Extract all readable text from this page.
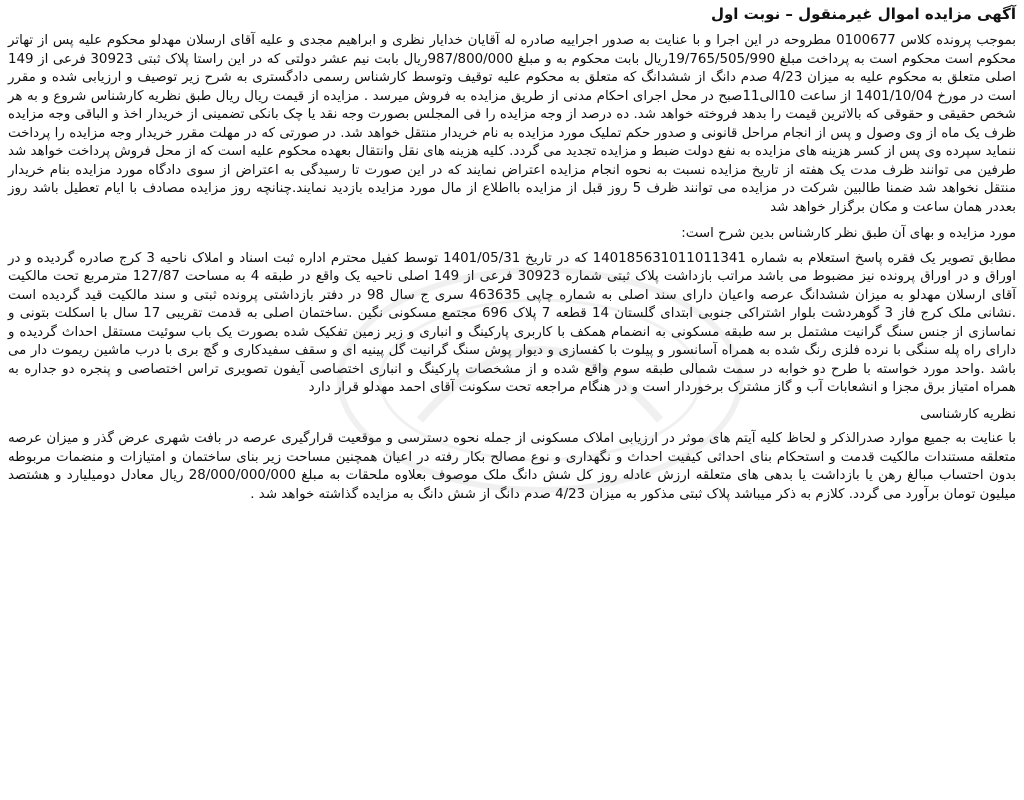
آگهی مزایده اموال غیرمنقول – نوبت اول

بموجب پرونده کلاس 0100677 مطروحه در این اجرا و با عنایت به صدور اجراییه صادره له آقایان خدایار نظری و ابراهیم مجدی و علیه آقای ارسلان مهدلو محکوم علیه پس از تهاتر محکوم است محکوم است به پرداخت مبلغ 19/765/505/990ریال بابت محکوم به و مبلغ 987/800/000ریال بابت نیم عشر دولتی که در این راستا پلاک ثبتی 30923 فرعی از 149 اصلی متعلق به محکوم علیه به میزان 4/23 صدم دانگ از ششدانگ که متعلق به محکوم علیه توقیف وتوسط کارشناس رسمی دادگستری به شرح زیر توصیف و ارزیابی شده و مقرر است در مورخ 1401/10/04 از ساعت 10الی11صبح در محل اجرای احکام مدنی از طریق مزایده به فروش میرسد . مزایده از قیمت ریال ریال طبق نظریه کارشناس شروع و به هر شخص حقیقی و حقوقی که بالاترین قیمت را بدهد فروخته خواهد شد. ده درصد از وجه مزایده را فی المجلس بصورت وجه نقد یا چک بانکی تضمینی از خریدار اخذ و الباقی وجه مزایده ظرف یک ماه از وی وصول و پس از انجام مراحل قانونی و صدور حکم تملیک مورد مزایده به نام خریدار منتقل خواهد شد. در صورتی که در مهلت مقرر خریدار وجه مزایده را پرداخت ننماید سپرده وی پس از کسر هزینه های مزایده به نفع دولت ضبط و مزایده تجدید می گردد. کلیه هزینه های نقل وانتقال بعهده محکوم علیه است که از محل فروش پرداخت خواهد شد طرفین می توانند ظرف مدت یک هفته از تاریخ مزایده نسبت به نحوه انجام مزایده اعتراض نمایند که در این صورت تا رسیدگی به اعتراض از سوی دادگاه مورد مزایده بنام خریدار منتقل نخواهد شد ضمنا طالبین شرکت در مزایده می توانند ظرف 5 روز قبل از مزایده بااطلاع از مال مورد مزایده بازدید نمایند.چنانچه روز مزایده مصادف با ایام تعطیل باشد روز بعددر همان ساعت و مکان برگزار خواهد شد

مورد مزایده و بهای آن طبق نظر کارشناس بدین شرح است:

مطابق تصویر یک فقره پاسخ استعلام به شماره 140185631011011341 که در تاریخ 1401/05/31 توسط کفیل محترم اداره ثبت اسناد و املاک ناحیه 3 کرج صادره گردیده و در اوراق و در اوراق پرونده نیز مضبوط می باشد مراتب بازداشت پلاک ثبتی شماره 30923 فرعی از 149 اصلی ناحیه یک واقع در طبقه 4 به مساحت 127/87 مترمربع تحت مالکیت آقای ارسلان مهدلو به میزان ششدانگ عرصه واعیان دارای سند اصلی به شماره چاپی 463635 سری ج سال 98 در دفتر بازداشتی پرونده ثبتی و سند مالکیت قید گردیده است .نشانی ملک کرج فاز 3 گوهردشت بلوار اشتراکی جنوبی ابتدای گلستان 14 قطعه 7 پلاک 696 مجتمع مسکونی نگین .ساختمان اصلی به قدمت تقریبی 17 سال با اسکلت بتونی و نماسازی از جنس سنگ گرانیت مشتمل بر سه طبقه مسکونی به انضمام همکف با کاربری پارکینگ و انباری و زیر زمین تفکیک شده بصورت یک باب سوئیت مستقل احداث گردیده و دارای راه پله سنگی با نرده فلزی رنگ شده به همراه آسانسور و پیلوت با کفسازی و دیوار پوش سنگ گرانیت گل پینیه ای و سقف سفیدکاری و گچ بری با درب ماشین ریموت دار می باشد .واحد مورد خواسته با طرح دو خوابه در سمت شمالی طبقه سوم واقع شده و از مشخصات پارکینگ و انباری اختصاصی آیفون تصویری تراس اختصاصی و پنجره دو جداره به همراه امتیاز برق مجزا و انشعابات آب و گاز مشترک برخوردار است و در هنگام مراجعه تحت سکونت آقای احمد مهدلو قرار دارد

نظریه کارشناسی

با عنایت به جمیع موارد صدرالذکر و لحاظ کلیه آیتم های موثر در ارزیابی املاک مسکونی از جمله نحوه دسترسی و موقعیت قرارگیری عرصه در بافت شهری عرض گذر و میزان عرصه متعلقه مستندات مالکیت قدمت و استحکام بنای احداثی کیفیت احداث و نگهداری و نوع مصالح بکار رفته در اعیان همچنین مساحت زیر بنای ساختمان و امتیازات و منضمات مربوطه بدون احتساب مبالغ رهن یا بازداشت یا بدهی های متعلقه ارزش عادله روز کل شش دانگ ملک موصوف بعلاوه ملحقات به مبلغ 28/000/000/000 ریال معادل دومیلیارد و هشتصد میلیون تومان برآورد می گردد. کلازم به ذکر میباشد پلاک ثبتی مذکور به میزان 4/23 صدم دانگ از شش دانگ به مزایده گذاشته خواهد شد .
